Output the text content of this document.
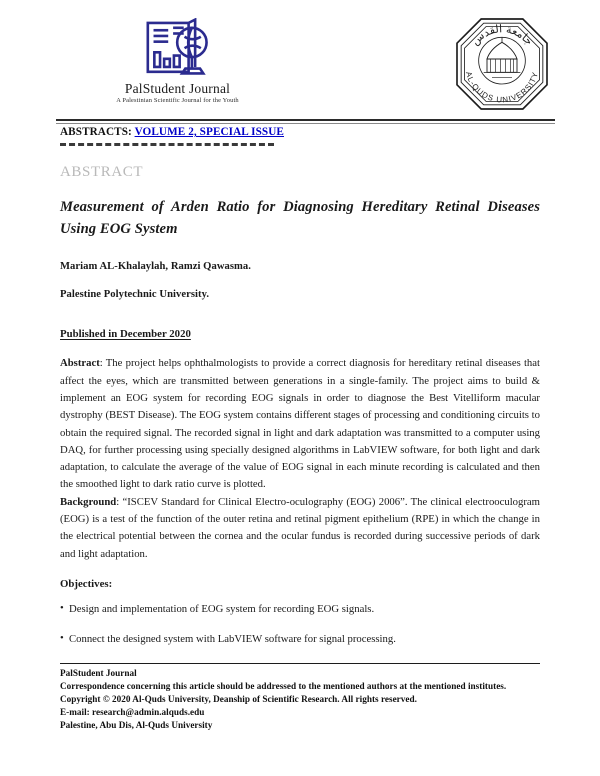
PalStudent Journal
A Palestinian Scientific Journal for the Youth
جامعة القدس
AL-QUDS UNIVERSITY
ABSTRACTS: VOLUME 2, SPECIAL ISSUE
ABSTRACT
Measurement of Arden Ratio for Diagnosing Hereditary Retinal Diseases Using EOG System
Mariam AL-Khalaylah, Ramzi Qawasma.
Palestine Polytechnic University.
Published in December 2020

Abstract: The project helps ophthalmologists to provide a correct diagnosis for hereditary retinal diseases that affect the eyes, which are transmitted between generations in a single-family. The project aims to build & implement an EOG system for recording EOG signals in order to diagnose the Best Vitelliform macular dystrophy (BEST Disease). The EOG system contains different stages of processing and conditioning circuits to obtain the required signal. The recorded signal in light and dark adaptation was transmitted to a computer using DAQ, for further processing using specially designed algorithms in LabVIEW software, for both light and dark adaptation, to calculate the average of the value of EOG signal in each minute recording is calculated and then the smoothed light to dark ratio curve is plotted.

Background: “ISCEV Standard for Clinical Electro-oculography (EOG) 2006”. The clinical electrooculogram (EOG) is a test of the function of the outer retina and retinal pigment epithelium (RPE) in which the change in the electrical potential between the cornea and the ocular fundus is recorded during successive periods of dark and light adaptation.

Objectives:
• Design and implementation of EOG system for recording EOG signals.
• Connect the designed system with LabVIEW software for signal processing.
PalStudent Journal
Correspondence concerning this article should be addressed to the mentioned authors at the mentioned institutes.
Copyright © 2020 Al-Quds University, Deanship of Scientific Research. All rights reserved.
E-mail: research@admin.alquds.edu
Palestine, Abu Dis, Al-Quds University
